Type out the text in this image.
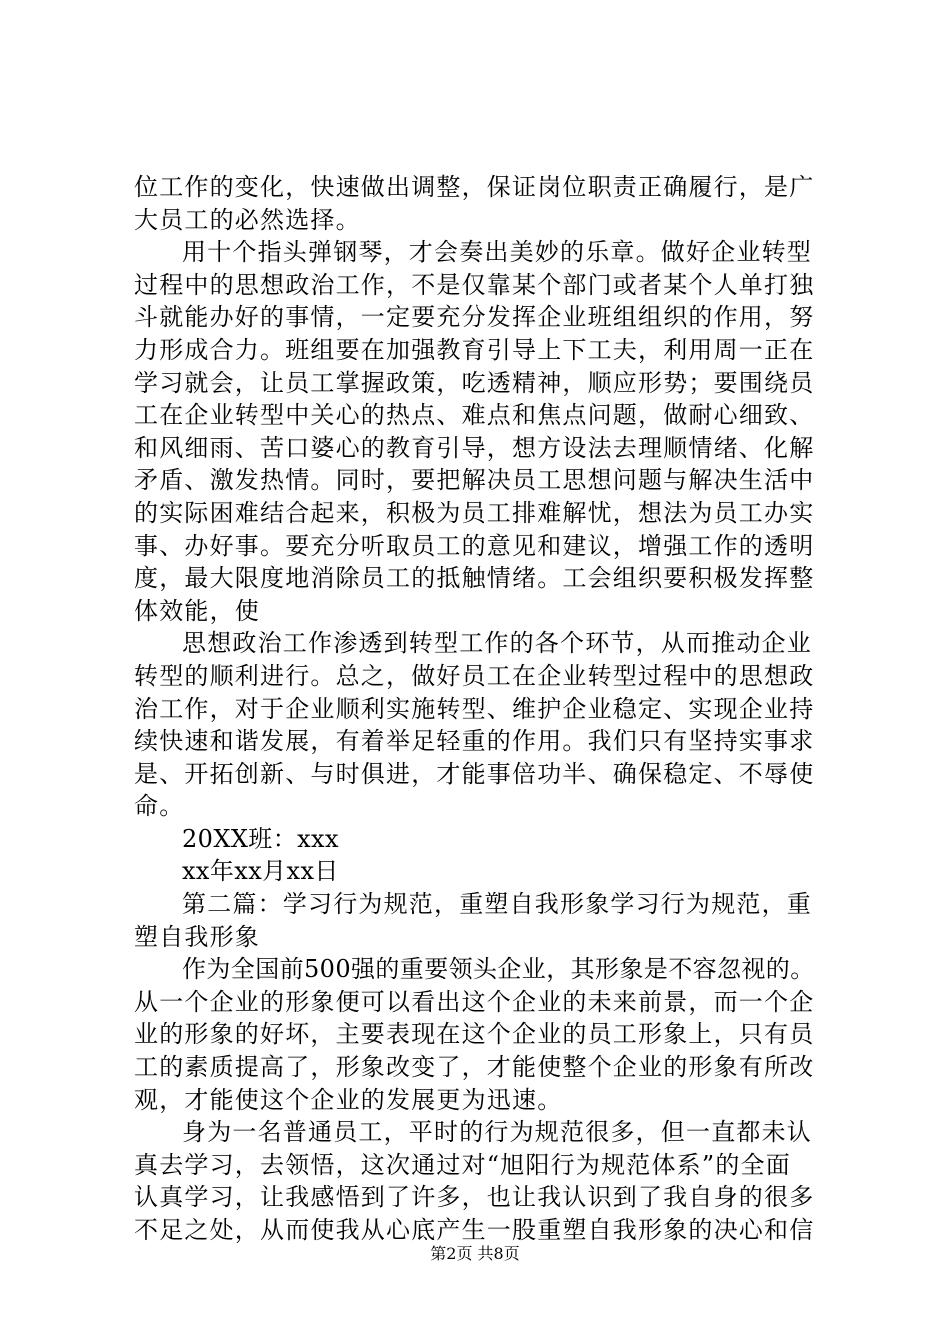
位工作的变化，快速做出调整，保证岗位职责正确履行，是广
大员工的必然选择。
用十个指头弹钢琴，才会奏出美妙的乐章。做好企业转型
过程中的思想政治工作，不是仅靠某个部门或者某个人单打独
斗就能办好的事情，一定要充分发挥企业班组组织的作用，努
力形成合力。班组要在加强教育引导上下工夫，利用周一正在
学习就会，让员工掌握政策，吃透精神，顺应形势；要围绕员
工在企业转型中关心的热点、难点和焦点问题，做耐心细致、
和风细雨、苦口婆心的教育引导，想方设法去理顺情绪、化解
矛盾、激发热情。同时，要把解决员工思想问题与解决生活中
的实际困难结合起来，积极为员工排难解忧，想法为员工办实
事、办好事。要充分听取员工的意见和建议，增强工作的透明
度，最大限度地消除员工的抵触情绪。工会组织要积极发挥整
体效能，使
思想政治工作渗透到转型工作的各个环节，从而推动企业
转型的顺利进行。总之，做好员工在企业转型过程中的思想政
治工作，对于企业顺利实施转型、维护企业稳定、实现企业持
续快速和谐发展，有着举足轻重的作用。我们只有坚持实事求
是、开拓创新、与时俱进，才能事倍功半、确保稳定、不辱使
命。
20XX班：xxx
xx年xx月xx日
第二篇：学习行为规范，重塑自我形象学习行为规范，重
塑自我形象
作为全国前500强的重要领头企业，其形象是不容忽视的。
从一个企业的形象便可以看出这个企业的未来前景，而一个企
业的形象的好坏，主要表现在这个企业的员工形象上，只有员
工的素质提高了，形象改变了，才能使整个企业的形象有所改
观，才能使这个企业的发展更为迅速。
身为一名普通员工，平时的行为规范很多，但一直都未认
真去学习，去领悟，这次通过对“旭阳行为规范体系”的全面
认真学习，让我感悟到了许多，也让我认识到了我自身的很多
不足之处，从而使我从心底产生一股重塑自我形象的决心和信
第2页 共8页
